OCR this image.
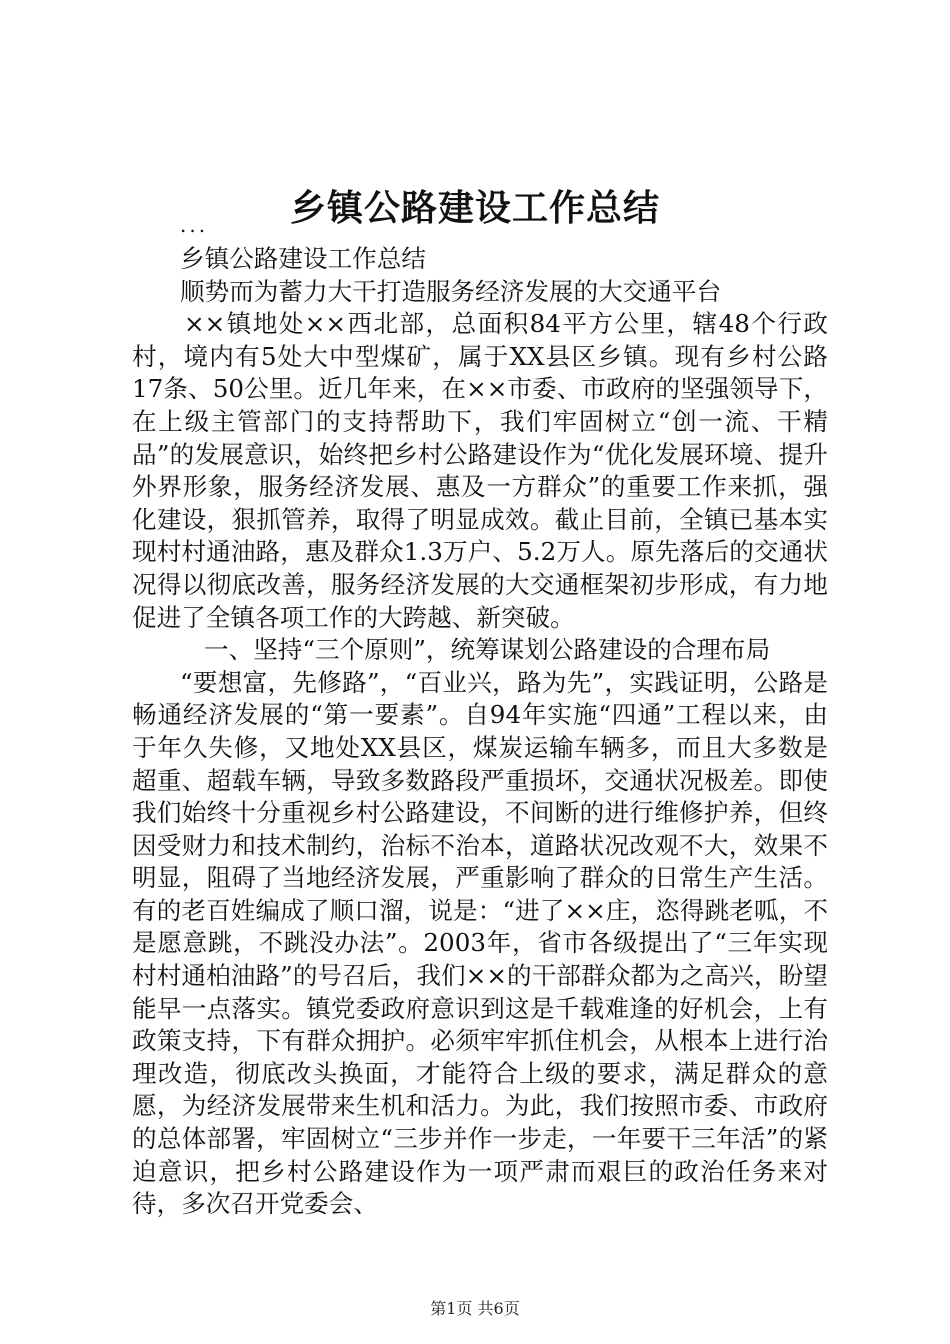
乡镇公路建设工作总结
...

乡镇公路建设工作总结

顺势而为蓄力大干打造服务经济发展的大交通平台

××镇地处××西北部，总面积84平方公里，辖48个行政村，境内有5处大中型煤矿，属于XX县区乡镇。现有乡村公路17条、50公里。近几年来，在××市委、市政府的坚强领导下，在上级主管部门的支持帮助下，我们牢固树立“创一流、干精品”的发展意识，始终把乡村公路建设作为“优化发展环境、提升外界形象，服务经济发展、惠及一方群众”的重要工作来抓，强化建设，狠抓管养，取得了明显成效。截止目前，全镇已基本实现村村通油路，惠及群众1.3万户、5.2万人。原先落后的交通状况得以彻底改善，服务经济发展的大交通框架初步形成，有力地促进了全镇各项工作的大跨越、新突破。

一、坚持“三个原则”，统筹谋划公路建设的合理布局

“要想富，先修路”，“百业兴，路为先”，实践证明，公路是畅通经济发展的“第一要素”。自94年实施“四通”工程以来，由于年久失修，又地处XX县区，煤炭运输车辆多，而且大多数是超重、超载车辆，导致多数路段严重损坏，交通状况极差。即使我们始终十分重视乡村公路建设，不间断的进行维修护养，但终因受财力和技术制约，治标不治本，道路状况改观不大，效果不明显，阻碍了当地经济发展，严重影响了群众的日常生产生活。有的老百姓编成了顺口溜，说是：“进了××庄，恣得跳老呱，不是愿意跳，不跳没办法”。2003年，省市各级提出了“三年实现村村通柏油路”的号召后，我们××的干部群众都为之高兴，盼望能早一点落实。镇党委政府意识到这是千载难逢的好机会，上有政策支持，下有群众拥护。必须牢牢抓住机会，从根本上进行治理改造，彻底改头换面，才能符合上级的要求，满足群众的意愿，为经济发展带来生机和活力。为此，我们按照市委、市政府的总体部署，牢固树立“三步并作一步走，一年要干三年活”的紧迫意识，把乡村公路建设作为一项严肃而艰巨的政治任务来对待，多次召开党委会、

第1页 共6页
